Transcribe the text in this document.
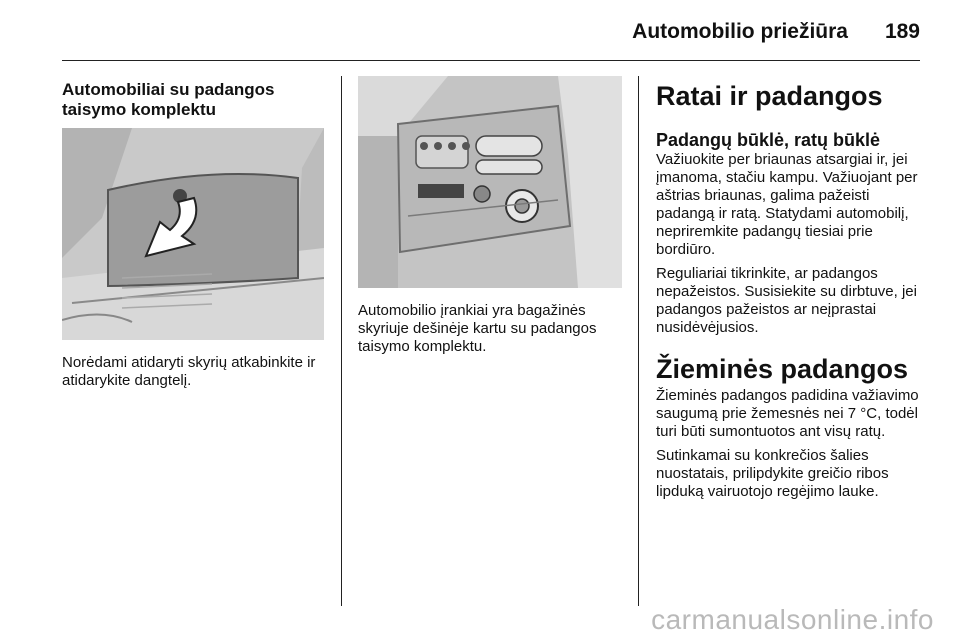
Automobilio priežiūra 189
Automobiliai su padangos taisymo komplektu

Norėdami atidaryti skyrių atkabinkite ir atidarykite dangtelį.

Automobilio įrankiai yra bagažinės skyriuje dešinėje kartu su padangos taisymo komplektu.

Ratai ir padangos
Padangų būklė, ratų būklė

Važiuokite per briaunas atsargiai ir, jei įmanoma, stačiu kampu. Važiuojant per aštrias briaunas, galima pažeisti padangą ir ratą. Statydami automobilį, nepriremkite padangų tiesiai prie bordiūro.

Reguliariai tikrinkite, ar padangos nepažeistos. Susisiekite su dirbtuve, jei padangos pažeistos ar neįprastai nusidėvėjusios.

Žieminės padangos

Žieminės padangos padidina važiavimo saugumą prie žemesnės nei 7 °C, todėl turi būti sumontuotos ant visų ratų.

Sutinkamai su konkrečios šalies nuostatais, prilipdykite greičio ribos lipduką vairuotojo regėjimo lauke.

carmanualsonline.info
